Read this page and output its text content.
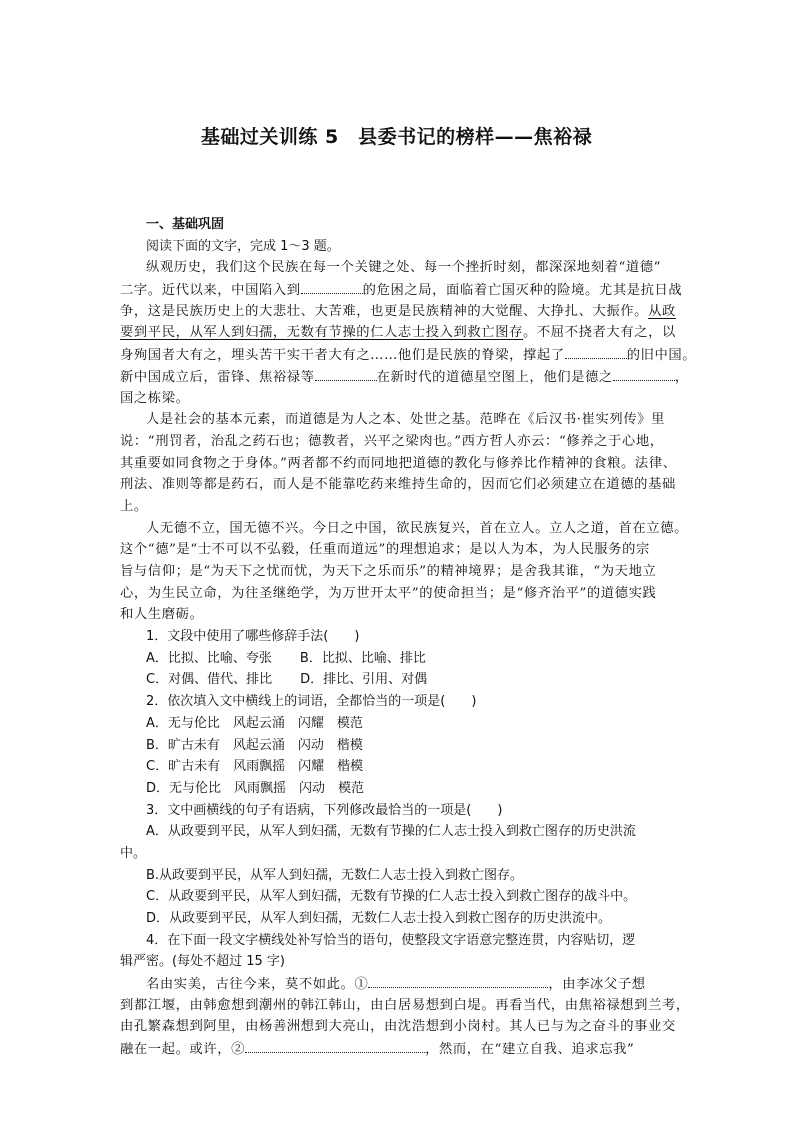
基础过关训练 5　县委书记的榜样——焦裕禄
一、基础巩固
阅读下面的文字，完成 1～3 题。
纵观历史，我们这个民族在每一个关键之处、每一个挫折时刻，都深深地刻着“道德”
二字。近代以来，中国陷入到	的危困之局，面临着亡国灭种的险境。尤其是抗日战
争，这是民族历史上的大悲壮、大苦难，也更是民族精神的大觉醒、大挣扎、大振作。从政
要到平民，从军人到妇孺，无数有节操的仁人志士投入到救亡图存。不屈不挠者大有之，以
身殉国者大有之，埋头苦干实干者大有之……他们是民族的脊梁，撑起了	的旧中国。
新中国成立后，雷锋、焦裕禄等	在新时代的道德星空图上，他们是德之	，
国之栋梁。
人是社会的基本元素，而道德是为人之本、处世之基。范晔在《后汉书·崔实列传》里
说：“刑罚者，治乱之药石也；德教者，兴平之梁肉也。”西方哲人亦云：“修养之于心地，
其重要如同食物之于身体。”两者都不约而同地把道德的教化与修养比作精神的食粮。法律、
刑法、准则等都是药石，而人是不能靠吃药来维持生命的，因而它们必须建立在道德的基础
上。
人无德不立，国无德不兴。今日之中国，欲民族复兴，首在立人。立人之道，首在立德。
这个“德”是“士不可以不弘毅，任重而道远”的理想追求；是以人为本，为人民服务的宗
旨与信仰；是“为天下之忧而忧，为天下之乐而乐”的精神境界；是舍我其谁，“为天地立
心，为生民立命，为往圣继绝学，为万世开太平”的使命担当；是“修齐治平”的道德实践
和人生磨砺。
1．文段中使用了哪些修辞手法(　　)
A．比拟、比喻、夸张 B．比拟、比喻、排比
C．对偶、借代、排比 D．排比、引用、对偶
2．依次填入文中横线上的词语，全都恰当的一项是(　　)
A．无与伦比　风起云涌　闪耀　模范
B．旷古未有　风起云涌　闪动　楷模
C．旷古未有　风雨飘摇　闪耀　楷模
D．无与伦比　风雨飘摇　闪动　模范
3．文中画横线的句子有语病，下列修改最恰当的一项是(　　)
A．从政要到平民，从军人到妇孺，无数有节操的仁人志士投入到救亡图存的历史洪流
中。
B.从政要到平民，从军人到妇孺，无数仁人志士投入到救亡图存。
C．从政要到平民，从军人到妇孺，无数有节操的仁人志士投入到救亡图存的战斗中。
D．从政要到平民，从军人到妇孺，无数仁人志士投入到救亡图存的历史洪流中。
4．在下面一段文字横线处补写恰当的语句，使整段文字语意完整连贯，内容贴切，逻
辑严密。(每处不超过 15 字)
名由实美，古往今来，莫不如此。①	，由李冰父子想
到都江堰，由韩愈想到潮州的韩江韩山，由白居易想到白堤。再看当代，由焦裕禄想到兰考，
由孔繁森想到阿里，由杨善洲想到大亮山，由沈浩想到小岗村。其人已与为之奋斗的事业交
融在一起。或许，②	，然而，在“建立自我、追求忘我”
